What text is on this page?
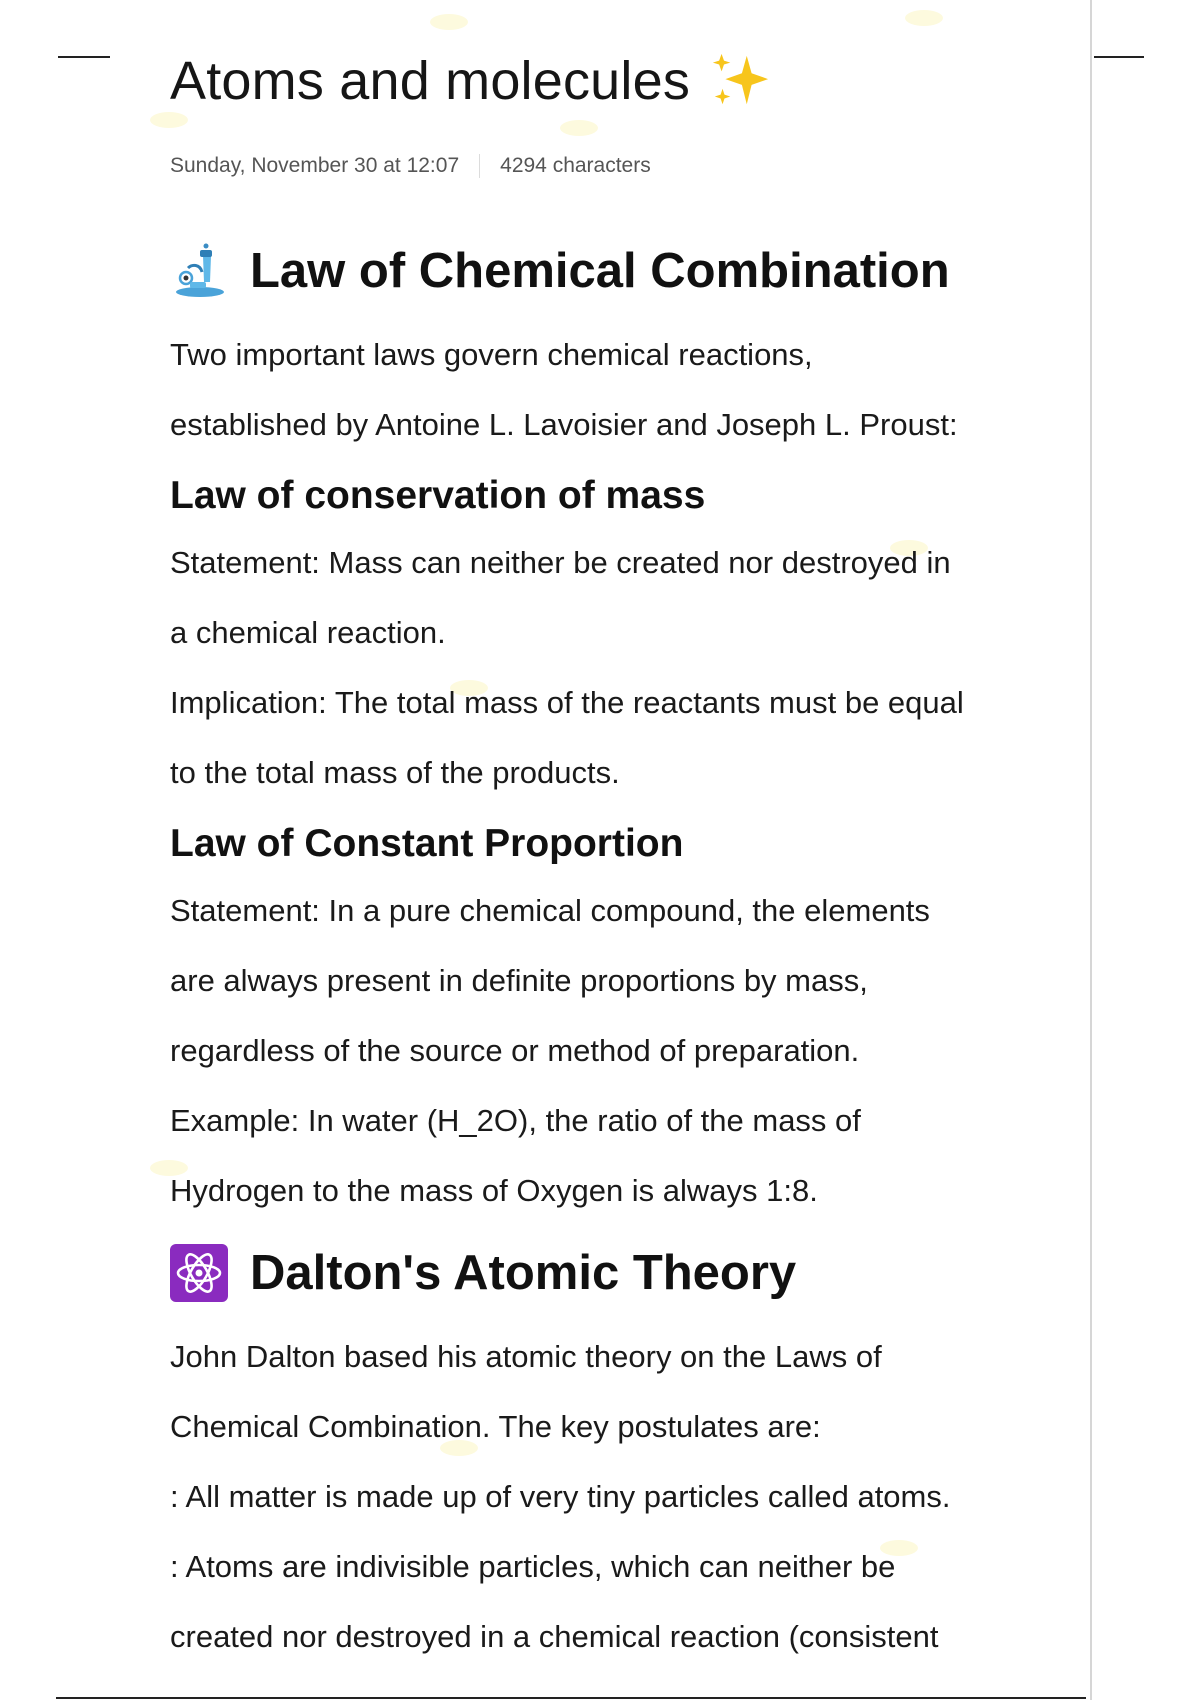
Atoms and molecules
Sunday, November 30 at 12:07 4294 characters
Law of Chemical Combination
Two important laws govern chemical reactions,
established by Antoine L. Lavoisier and Joseph L. Proust:
Law of conservation of mass
Statement: Mass can neither be created nor destroyed in
a chemical reaction.
Implication: The total mass of the reactants must be equal
to the total mass of the products.
Law of Constant Proportion
Statement: In a pure chemical compound, the elements
are always present in definite proportions by mass,
regardless of the source or method of preparation.
Example: In water (H_2O), the ratio of the mass of
Hydrogen to the mass of Oxygen is always 1:8.
Dalton's Atomic Theory
John Dalton based his atomic theory on the Laws of
Chemical Combination. The key postulates are:
: All matter is made up of very tiny particles called atoms.
: Atoms are indivisible particles, which can neither be
created nor destroyed in a chemical reaction (consistent
